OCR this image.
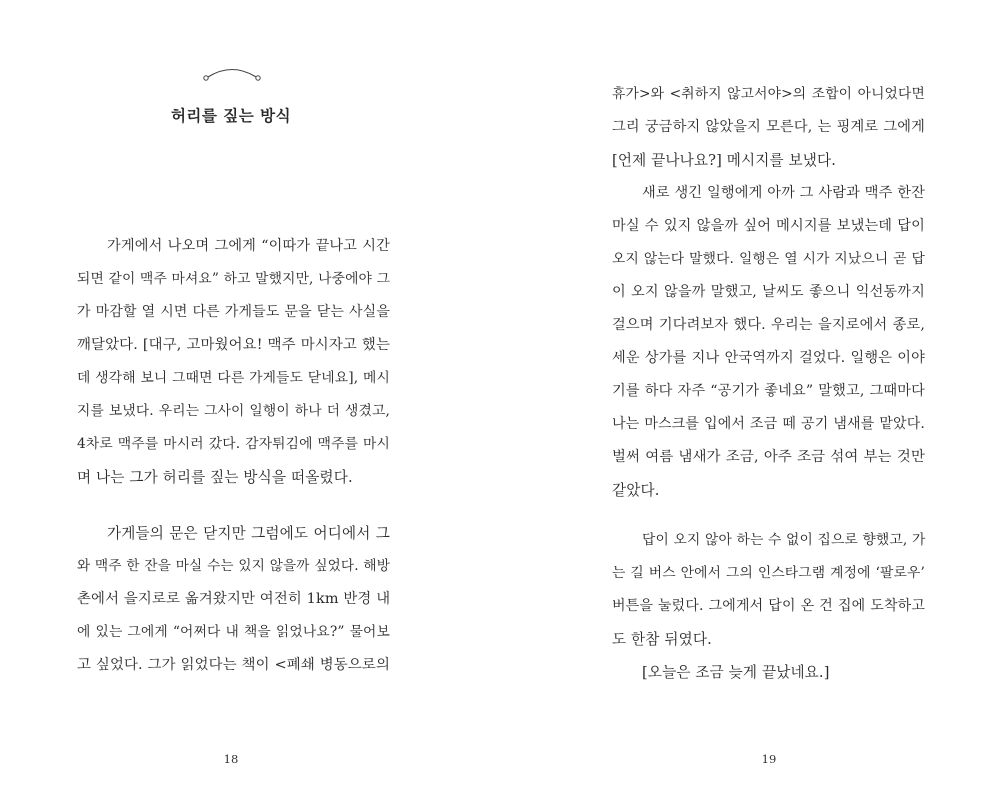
허리를 짚는 방식
가게에서 나오며 그에게 “이따가 끝나고 시간
되면 같이 맥주 마셔요” 하고 말했지만, 나중에야 그
가 마감할 열 시면 다른 가게들도 문을 닫는 사실을
깨달았다. [대구, 고마웠어요! 맥주 마시자고 했는
데 생각해 보니 그때면 다른 가게들도 닫네요], 메시
지를 보냈다. 우리는 그사이 일행이 하나 더 생겼고,
4차로 맥주를 마시러 갔다. 감자튀김에 맥주를 마시
며 나는 그가 허리를 짚는 방식을 떠올렸다.
가게들의 문은 닫지만 그럼에도 어디에서 그
와 맥주 한 잔을 마실 수는 있지 않을까 싶었다. 해방
촌에서 을지로로 옮겨왔지만 여전히 1km 반경 내
에 있는 그에게 “어쩌다 내 책을 읽었나요?” 물어보
고 싶었다. 그가 읽었다는 책이 <폐쇄 병동으로의
18
휴가>와 <취하지 않고서야>의 조합이 아니었다면
그리 궁금하지 않았을지 모른다, 는 핑계로 그에게
[언제 끝나나요?] 메시지를 보냈다.
새로 생긴 일행에게 아까 그 사람과 맥주 한잔
마실 수 있지 않을까 싶어 메시지를 보냈는데 답이
오지 않는다 말했다. 일행은 열 시가 지났으니 곧 답
이 오지 않을까 말했고, 날씨도 좋으니 익선동까지
걸으며 기다려보자 했다. 우리는 을지로에서 종로,
세운 상가를 지나 안국역까지 걸었다. 일행은 이야
기를 하다 자주 “공기가 좋네요” 말했고, 그때마다
나는 마스크를 입에서 조금 떼 공기 냄새를 맡았다.
벌써 여름 냄새가 조금, 아주 조금 섞여 부는 것만
같았다.
답이 오지 않아 하는 수 없이 집으로 향했고, 가
는 길 버스 안에서 그의 인스타그램 계정에 ‘팔로우’
버튼을 눌렀다. 그에게서 답이 온 건 집에 도착하고
도 한참 뒤였다.
[오늘은 조금 늦게 끝났네요.]
19
